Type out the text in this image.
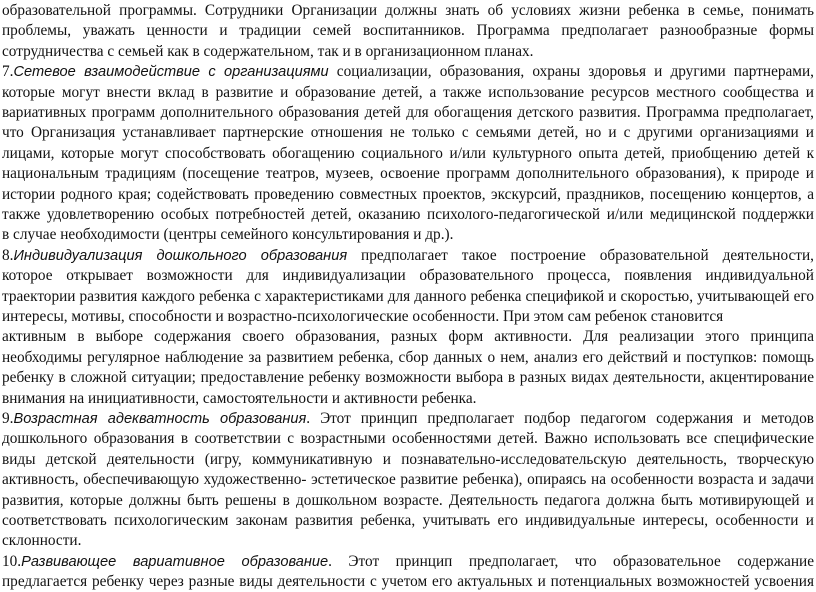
образовательной программы. Сотрудники Организации должны знать об условиях жизни ребенка в семье, понимать
проблемы, уважать ценности и традиции семей воспитанников. Программа предполагает разнообразные формы
сотрудничества с семьей как в содержательном, так и в организационном планах.
7.Сетевое взаимодействие с организациями социализации, образования, охраны здоровья и другими партнерами,
которые могут внести вклад в развитие и образование детей, а также использование ресурсов местного сообщества и
вариативных программ дополнительного образования детей для обогащения детского развития. Программа предполагает,
что Организация устанавливает партнерские отношения не только с семьями детей, но и с другими организациями и
лицами, которые могут способствовать обогащению социального и/или культурного опыта детей, приобщению детей к
национальным традициям (посещение театров, музеев, освоение программ дополнительного образования), к природе и
истории родного края; содействовать проведению совместных проектов, экскурсий, праздников, посещению концертов, а
также удовлетворению особых потребностей детей, оказанию психолого-педагогической и/или медицинской поддержки
в случае необходимости (центры семейного консультирования и др.).
8.Индивидуализация дошкольного образования предполагает такое построение образовательной деятельности,
которое открывает возможности для индивидуализации образовательного процесса, появления индивидуальной
траектории развития каждого ребенка с характеристиками для данного ребенка спецификой и скоростью, учитывающей его
интересы, мотивы, способности и возрастно-психологические особенности. При этом сам ребенок становится
активным в выборе содержания своего образования, разных форм активности. Для реализации этого принципа
необходимы регулярное наблюдение за развитием ребенка, сбор данных о нем, анализ его действий и поступков: помощь
ребенку в сложной ситуации; предоставление ребенку возможности выбора в разных видах деятельности, акцентирование
внимания на инициативности, самостоятельности и активности ребенка.
9.Возрастная адекватность образования. Этот принцип предполагает подбор педагогом содержания и методов
дошкольного образования в соответствии с возрастными особенностями детей. Важно использовать все специфические
виды детской деятельности (игру, коммуникативную и познавательно-исследовательскую деятельность, творческую
активность, обеспечивающую художественно- эстетическое развитие ребенка), опираясь на особенности возраста и задачи
развития, которые должны быть решены в дошкольном возрасте. Деятельность педагога должна быть мотивирующей и
соответствовать психологическим законам развития ребенка, учитывать его индивидуальные интересы, особенности и
склонности.
10.Развивающее вариативное образование. Этот принцип предполагает, что образовательное содержание
предлагается ребенку через разные виды деятельности с учетом его актуальных и потенциальных возможностей усвоения
